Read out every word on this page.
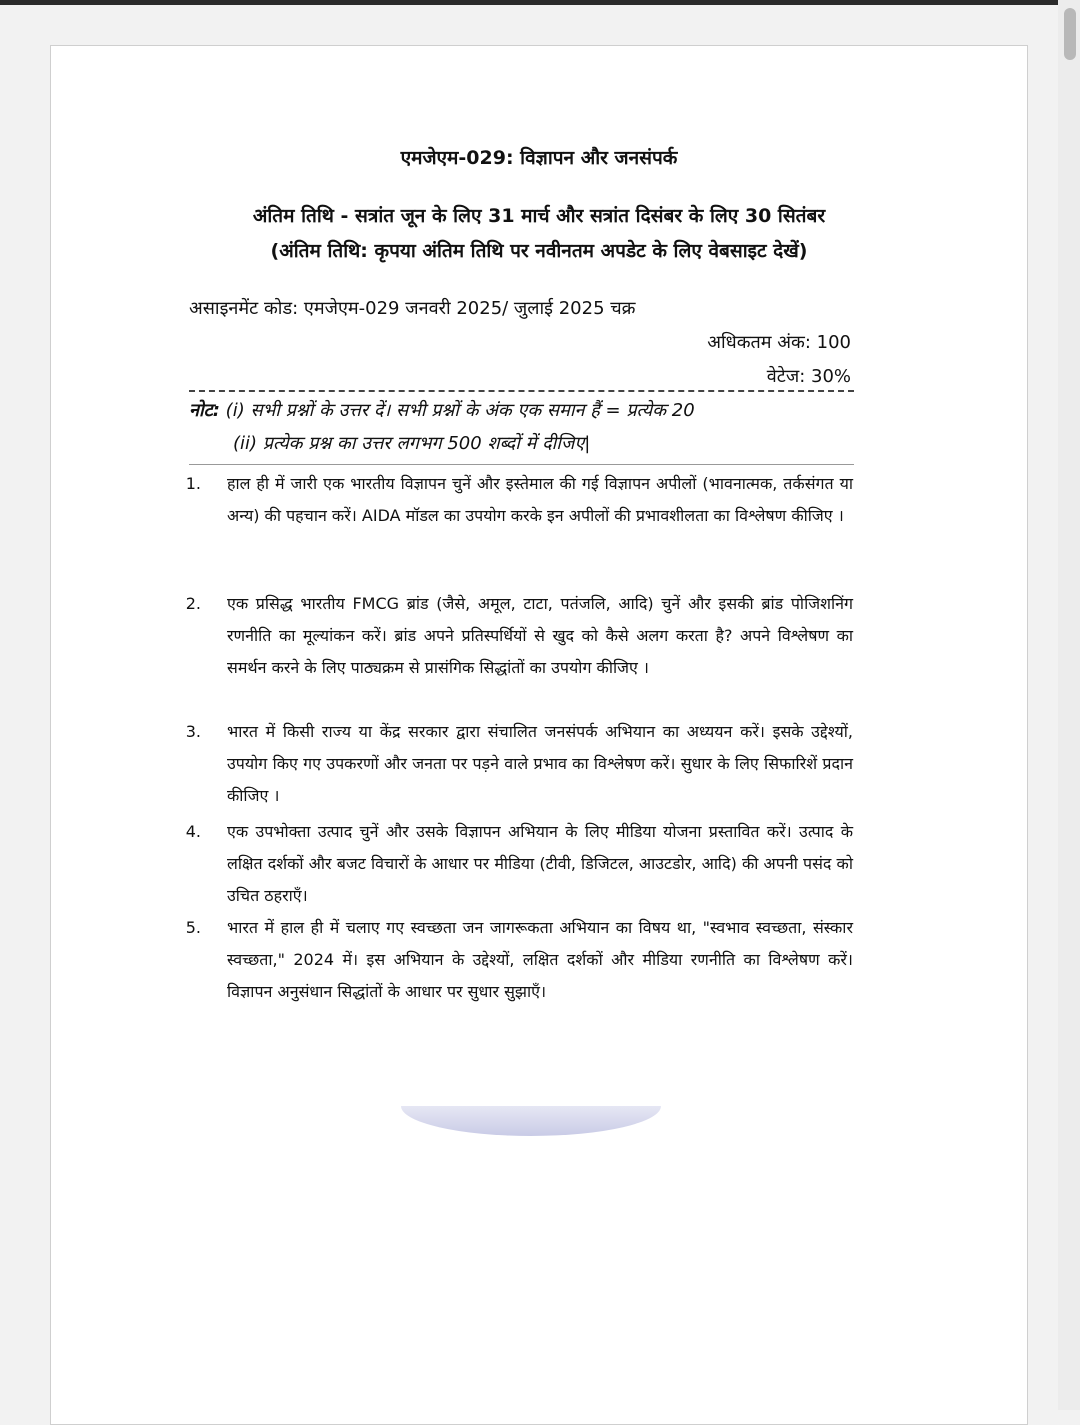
एमजेएम-029: विज्ञापन और जनसंपर्क
अंतिम तिथि - सत्रांत जून के लिए 31 मार्च और सत्रांत दिसंबर के लिए 30 सितंबर
(अंतिम तिथि: कृपया अंतिम तिथि पर नवीनतम अपडेट के लिए वेबसाइट देखें)
असाइनमेंट कोड: एमजेएम-029 जनवरी 2025/ जुलाई 2025 चक्र
अधिकतम अंक: 100
वेटेज: 30%
नोट: (i) सभी प्रश्नों के उत्तर दें। सभी प्रश्नों के अंक एक समान हैं = प्रत्येक 20
(ii) प्रत्येक प्रश्न का उत्तर लगभग 500 शब्दों में दीजिए|
1. हाल ही में जारी एक भारतीय विज्ञापन चुनें और इस्तेमाल की गई विज्ञापन अपीलों (भावनात्मक, तर्कसंगत या अन्य) की पहचान करें। AIDA मॉडल का उपयोग करके इन अपीलों की प्रभावशीलता का विश्लेषण कीजिए ।
2. एक प्रसिद्ध भारतीय FMCG ब्रांड (जैसे, अमूल, टाटा, पतंजलि, आदि) चुनें और इसकी ब्रांड पोजिशनिंग रणनीति का मूल्यांकन करें। ब्रांड अपने प्रतिस्पर्धियों से खुद को कैसे अलग करता है? अपने विश्लेषण का समर्थन करने के लिए पाठ्यक्रम से प्रासंगिक सिद्धांतों का उपयोग कीजिए ।
3. भारत में किसी राज्य या केंद्र सरकार द्वारा संचालित जनसंपर्क अभियान का अध्ययन करें। इसके उद्देश्यों, उपयोग किए गए उपकरणों और जनता पर पड़ने वाले प्रभाव का विश्लेषण करें। सुधार के लिए सिफारिशें प्रदान कीजिए ।
4. एक उपभोक्ता उत्पाद चुनें और उसके विज्ञापन अभियान के लिए मीडिया योजना प्रस्तावित करें। उत्पाद के लक्षित दर्शकों और बजट विचारों के आधार पर मीडिया (टीवी, डिजिटल, आउटडोर, आदि) की अपनी पसंद को उचित ठहराएँ।
5. भारत में हाल ही में चलाए गए स्वच्छता जन जागरूकता अभियान का विषय था, "स्वभाव स्वच्छता, संस्कार स्वच्छता," 2024 में। इस अभियान के उद्देश्यों, लक्षित दर्शकों और मीडिया रणनीति का विश्लेषण करें। विज्ञापन अनुसंधान सिद्धांतों के आधार पर सुधार सुझाएँ।
